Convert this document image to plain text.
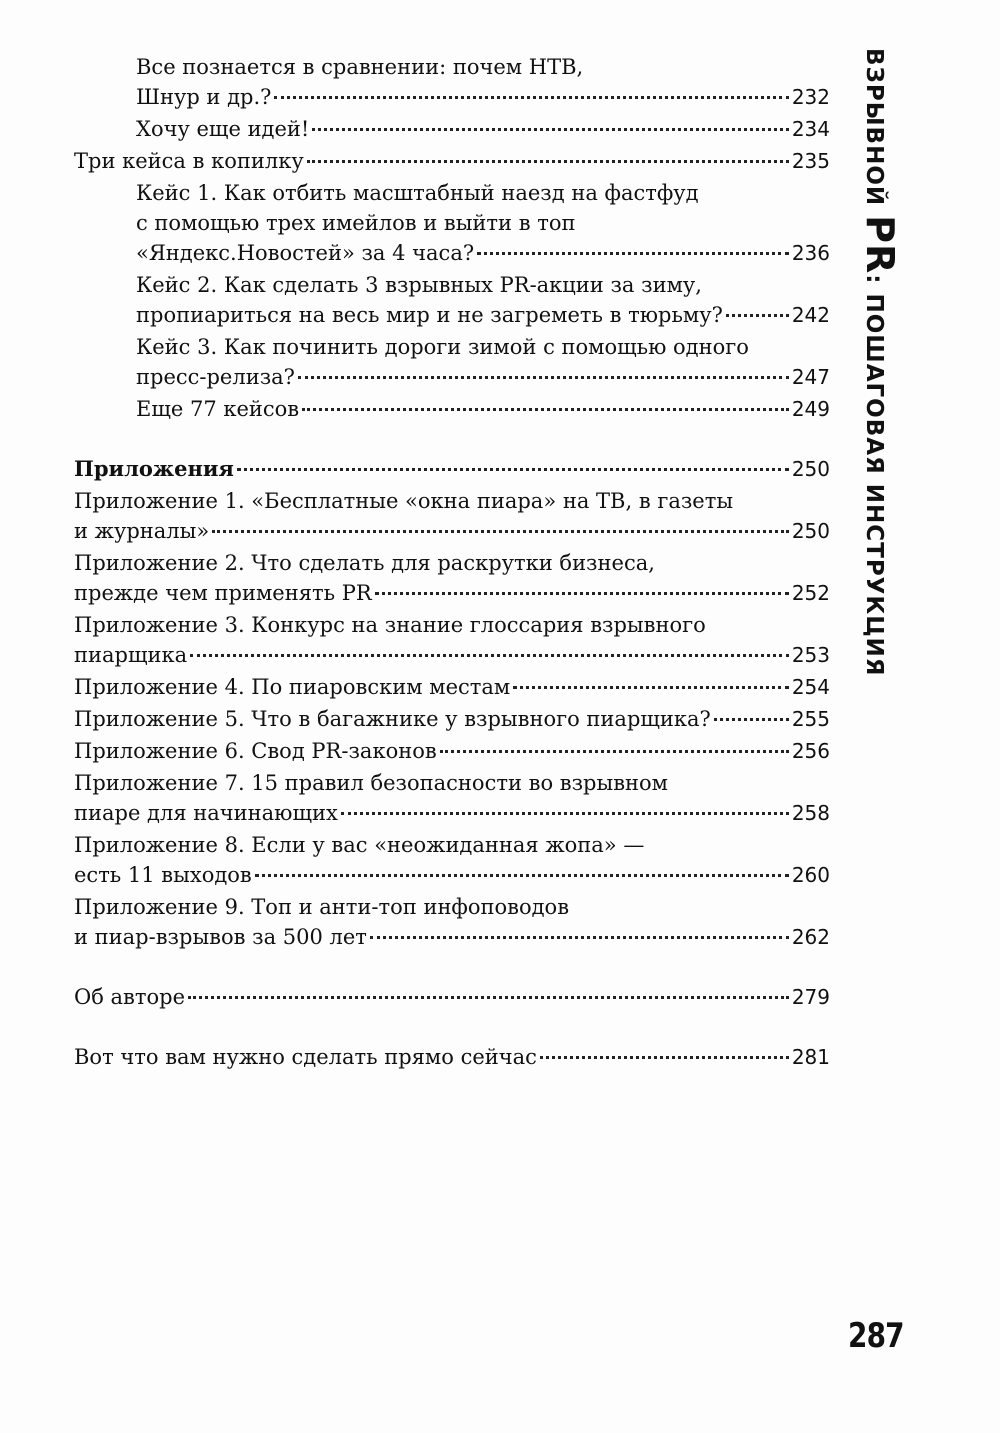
Все познается в сравнении: почем НТВ,
Шнур и др.?	232
Хочу еще идей!	234
Три кейса в копилку	235
Кейс 1. Как отбить масштабный наезд на фастфуд
с помощью трех имейлов и выйти в топ
«Яндекс.Новостей» за 4 часа?	236
Кейс 2. Как сделать 3 взрывных PR-акции за зиму,
пропиариться на весь мир и не загреметь в тюрьму?	242
Кейс 3. Как починить дороги зимой с помощью одного
пресс-релиза?	247
Еще 77 кейсов	249
Приложения	250
Приложение 1. «Бесплатные «окна пиара» на ТВ, в газеты
и журналы»	250
Приложение 2. Что сделать для раскрутки бизнеса,
прежде чем применять PR	252
Приложение 3. Конкурс на знание глоссария взрывного
пиарщика	253
Приложение 4. По пиаровским местам	254
Приложение 5. Что в багажнике у взрывного пиарщика?	255
Приложение 6. Свод PR-законов	256
Приложение 7. 15 правил безопасности во взрывном
пиаре для начинающих	258
Приложение 8. Если у вас «неожиданная жопа» —
есть 11 выходов	260
Приложение 9. Топ и анти-топ инфоповодов
и пиар-взрывов за 500 лет	262
Об авторе	279
Вот что вам нужно сделать прямо сейчас	281
ВЗРЫВНОЙ PR: ПОШАГОВАЯ ИНСТРУКЦИЯ
287
